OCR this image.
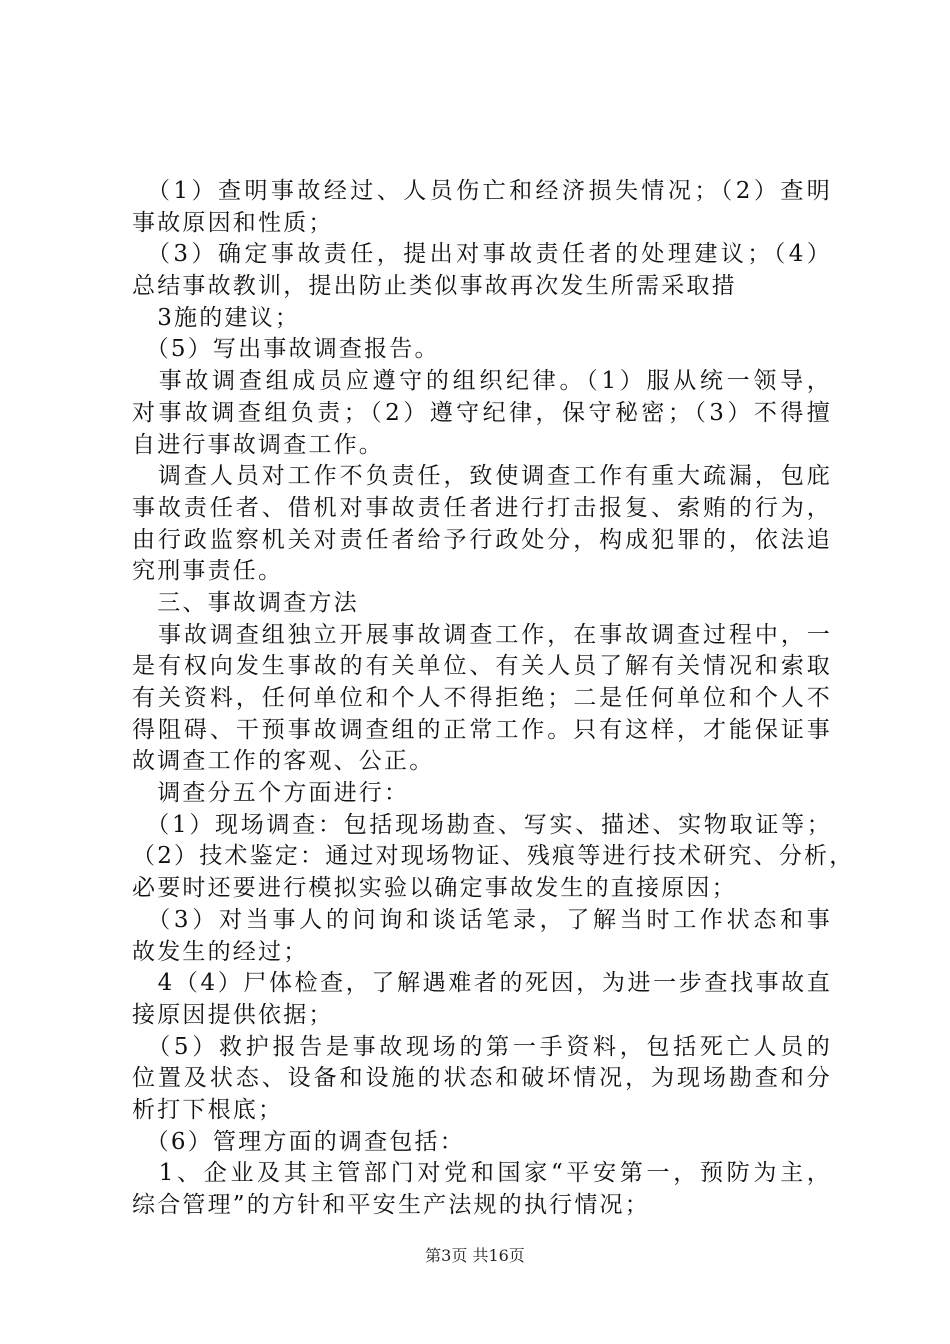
　（1）查明事故经过、人员伤亡和经济损失情况；（2）查明
事故原因和性质；
　（3）确定事故责任，提出对事故责任者的处理建议；（4）
总结事故教训，提出防止类似事故再次发生所需采取措
　3施的建议；
　（5）写出事故调查报告。
　事故调查组成员应遵守的组织纪律。（1）服从统一领导，
对事故调查组负责；（2）遵守纪律，保守秘密；（3）不得擅
自进行事故调查工作。
　调查人员对工作不负责任，致使调查工作有重大疏漏，包庇
事故责任者、借机对事故责任者进行打击报复、索贿的行为，
由行政监察机关对责任者给予行政处分，构成犯罪的，依法追
究刑事责任。
　三、事故调查方法
　事故调查组独立开展事故调查工作，在事故调查过程中，一
是有权向发生事故的有关单位、有关人员了解有关情况和索取
有关资料，任何单位和个人不得拒绝；二是任何单位和个人不
得阻碍、干预事故调查组的正常工作。只有这样，才能保证事
故调查工作的客观、公正。
　调查分五个方面进行：
　（1）现场调查：包括现场勘查、写实、描述、实物取证等；
（2）技术鉴定：通过对现场物证、残痕等进行技术研究、分析，
必要时还要进行模拟实验以确定事故发生的直接原因；
　（3）对当事人的问询和谈话笔录，了解当时工作状态和事
故发生的经过；
　4（4）尸体检查，了解遇难者的死因，为进一步查找事故直
接原因提供依据；
　（5）救护报告是事故现场的第一手资料，包括死亡人员的
位置及状态、设备和设施的状态和破坏情况，为现场勘查和分
析打下根底；
　（6）管理方面的调查包括：
　1、企业及其主管部门对党和国家“平安第一，预防为主，
综合管理”的方针和平安生产法规的执行情况；
第3页 共16页
